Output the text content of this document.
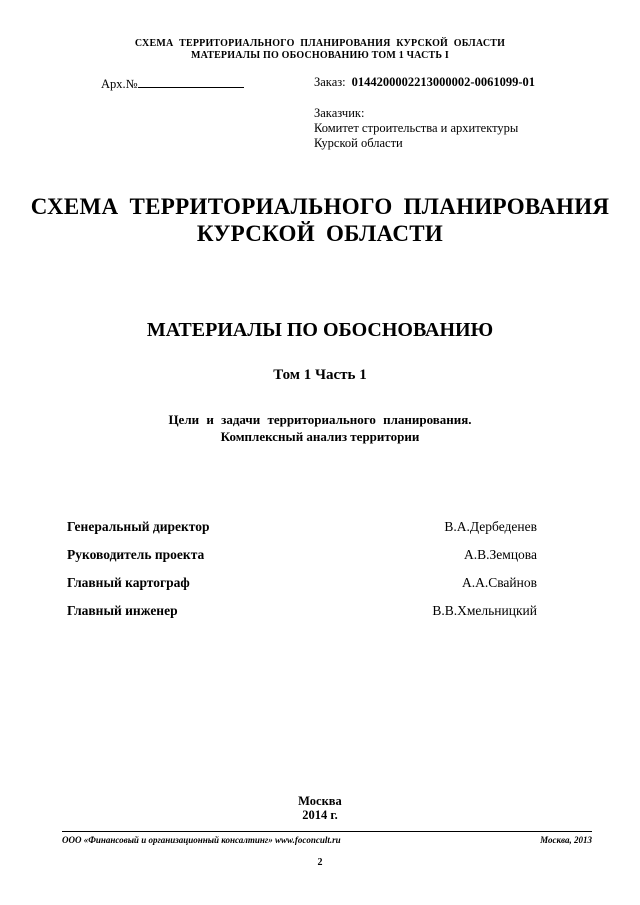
СХЕМА ТЕРРИТОРИАЛЬНОГО ПЛАНИРОВАНИЯ КУРСКОЙ ОБЛАСТИ
МАТЕРИАЛЫ ПО ОБОСНОВАНИЮ ТОМ 1 ЧАСТЬ I
Арх.№	Заказ: 0144200002213000002-0061099-01
Заказчик:
Комитет строительства и архитектуры
Курской области
СХЕМА ТЕРРИТОРИАЛЬНОГО ПЛАНИРОВАНИЯ
КУРСКОЙ ОБЛАСТИ
МАТЕРИАЛЫ ПО ОБОСНОВАНИЮ
Том 1 Часть 1
Цели и задачи территориального планирования.
Комплексный анализ территории
Генеральный директор	В.А.Дербеденев
Руководитель проекта	А.В.Земцова
Главный картограф	А.А.Свайнов
Главный инженер	В.В.Хмельницкий
Москва
2014 г.
ООО «Финансовый и организационный консалтинг» www.foconcult.ru	Москва, 2013
2
